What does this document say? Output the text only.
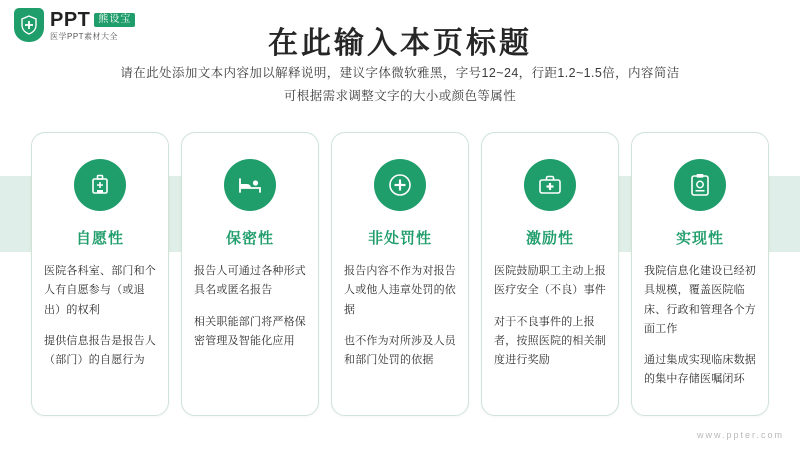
PPT 熊设宝
医学PPT素材大全	在此输入本页标题
请在此处添加文本内容加以解释说明，建议字体微软雅黑，字号12~24，行距1.2~1.5倍，内容简洁
可根据需求调整文字的大小或颜色等属性
自愿性
医院各科室、部门和个人有自愿参与（或退出）的权利
提供信息报告是报告人（部门）的自愿行为
保密性
报告人可通过各种形式具名或匿名报告
相关职能部门将严格保密管理及智能化应用
非处罚性
报告内容不作为对报告人或他人违章处罚的依据
也不作为对所涉及人员和部门处罚的依据
激励性
医院鼓励职工主动上报医疗安全（不良）事件
对于不良事件的上报者，按照医院的相关制度进行奖励
实现性
我院信息化建设已经初具规模，覆盖医院临床、行政和管理各个方面工作
通过集成实现临床数据的集中存储医嘱闭环
www.ppter.com
